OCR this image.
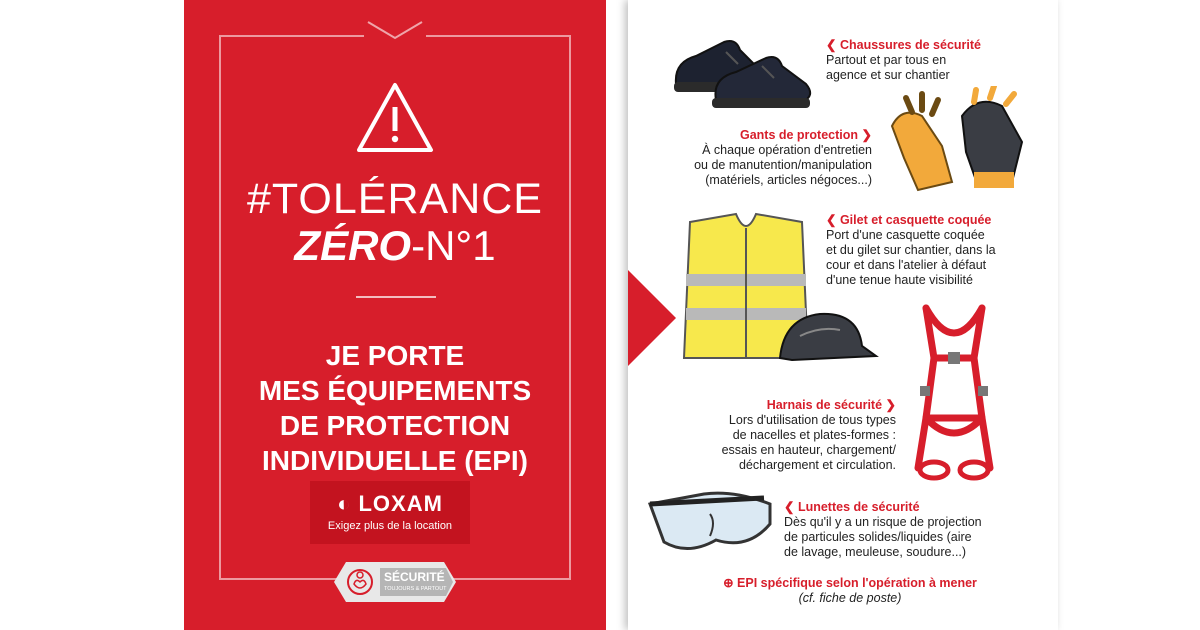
#TOLÉRANCE
ZÉRO-N°1
JE PORTE
MES ÉQUIPEMENTS
DE PROTECTION
INDIVIDUELLE (EPI)
◐ LOXAM
Exigez plus de la location
SÉCURITÉ
TOUJOURS & PARTOUT
❮ Chaussures de sécurité
Partout et par tous en
agence et sur chantier
Gants de protection ❯
À chaque opération d'entretien
ou de manutention/manipulation
(matériels, articles négoces...)
❮ Gilet et casquette coquée
Port d'une casquette coquée
et du gilet sur chantier, dans la
cour et dans l'atelier à défaut
d'une tenue haute visibilité
Harnais de sécurité ❯
Lors d'utilisation de tous types
de nacelles et plates-formes :
essais en hauteur, chargement/
déchargement et circulation.
❮ Lunettes de sécurité
Dès qu'il y a un risque de projection
de particules solides/liquides (aire
de lavage, meuleuse, soudure...)
⊕ EPI spécifique selon l'opération à mener
(cf. fiche de poste)
